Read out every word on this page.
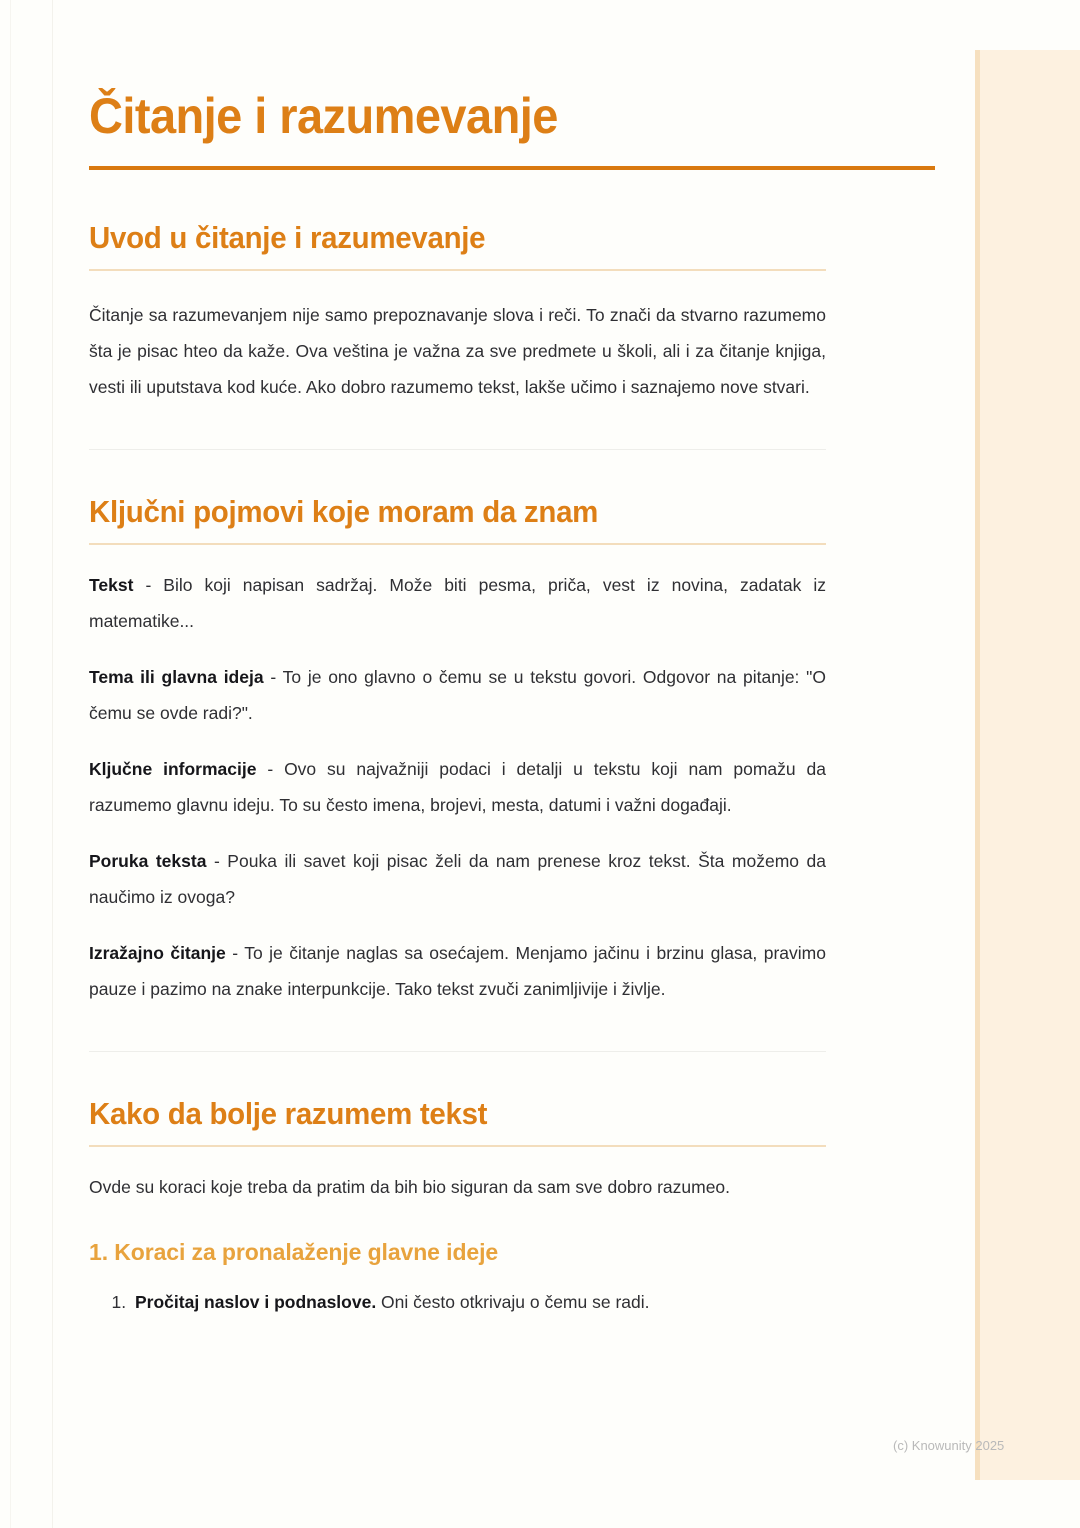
Čitanje i razumevanje
Uvod u čitanje i razumevanje

Čitanje sa razumevanjem nije samo prepoznavanje slova i reči. To znači da stvarno razumemo šta je pisac hteo da kaže. Ova veština je važna za sve predmete u školi, ali i za čitanje knjiga, vesti ili uputstava kod kuće. Ako dobro razumemo tekst, lakše učimo i saznajemo nove stvari.

Ključni pojmovi koje moram da znam

Tekst - Bilo koji napisan sadržaj. Može biti pesma, priča, vest iz novina, zadatak iz matematike...

Tema ili glavna ideja - To je ono glavno o čemu se u tekstu govori. Odgovor na pitanje: "O čemu se ovde radi?".

Ključne informacije - Ovo su najvažniji podaci i detalji u tekstu koji nam pomažu da razumemo glavnu ideju. To su često imena, brojevi, mesta, datumi i važni događaji.

Poruka teksta - Pouka ili savet koji pisac želi da nam prenese kroz tekst. Šta možemo da naučimo iz ovoga?

Izražajno čitanje - To je čitanje naglas sa osećajem. Menjamo jačinu i brzinu glasa, pravimo pauze i pazimo na znake interpunkcije. Tako tekst zvuči zanimljivije i življe.

Kako da bolje razumem tekst

Ovde su koraci koje treba da pratim da bih bio siguran da sam sve dobro razumeo.

1. Koraci za pronalaženje glavne ideje
1. Pročitaj naslov i podnaslove. Oni često otkrivaju o čemu se radi.
(c) Knowunity 2025
